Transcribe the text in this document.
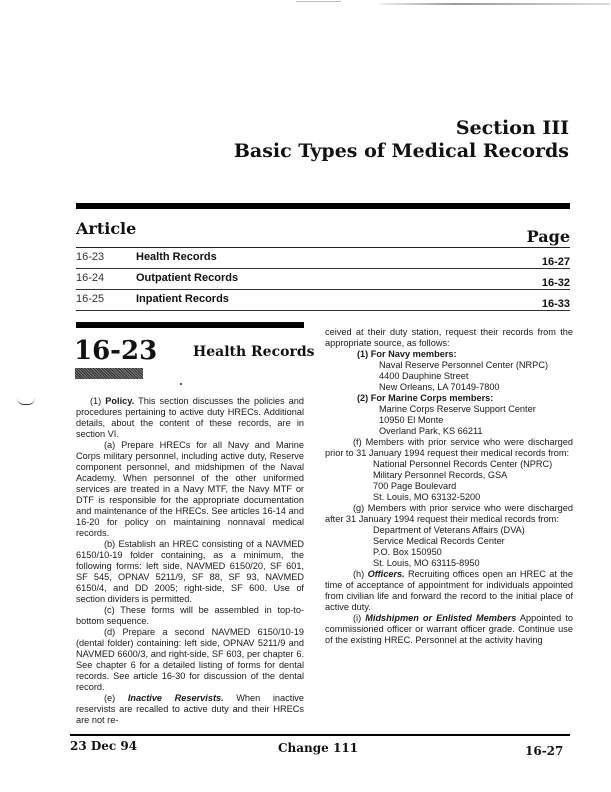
Section III
Basic Types of Medical Records
Article	Page
16-23	Health Records	16-27
16-24	Outpatient Records	16-32
16-25	Inpatient Records	16-33
16-23	Health Records

(1) Policy. This section discusses the policies and procedures pertaining to active duty HRECs. Additional details, about the content of these records, are in section VI.

(a) Prepare HRECs for all Navy and Marine Corps military personnel, including active duty, Reserve component personnel, and midshipmen of the Naval Academy. When personnel of the other uniformed services are treated in a Navy MTF, the Navy MTF or DTF is responsible for the appropriate documentation and maintenance of the HRECs. See articles 16-14 and 16-20 for policy on maintaining nonnaval medical records.

(b) Establish an HREC consisting of a NAVMED 6150/10-19 folder containing, as a minimum, the following forms: left side, NAVMED 6150/20, SF 601, SF 545, OPNAV 5211/9, SF 88, SF 93, NAVMED 6150/4, and DD 2005; right-side, SF 600. Use of section dividers is permitted.

(c) These forms will be assembled in top-to-bottom sequence.

(d) Prepare a second NAVMED 6150/10-19 (dental folder) containing: left side, OPNAV 5211/9 and NAVMED 6600/3, and right-side, SF 603, per chapter 6. See chapter 6 for a detailed listing of forms for dental records. See article 16-30 for discussion of the dental record.

(e) Inactive Reservists. When inactive reservists are recalled to active duty and their HRECs are not re-

ceived at their duty station, request their records from the appropriate source, as follows:

(1) For Navy members:

Naval Reserve Personnel Center (NRPC)

4400 Dauphine Street

New Orleans, LA 70149-7800

(2) For Marine Corps members:

Marine Corps Reserve Support Center

10950 El Monte

Overland Park, KS 66211

(f) Members with prior service who were discharged prior to 31 January 1994 request their medical records from:

National Personnel Records Center (NPRC)

Military Personnel Records, GSA

700 Page Boulevard

St. Louis, MO 63132-5200

(g) Members with prior service who were discharged after 31 January 1994 request their medical records from:

Department of Veterans Affairs (DVA)

Service Medical Records Center

P.O. Box 150950

St. Louis, MO 63115-8950

(h) Officers. Recruiting offices open an HREC at the time of acceptance of appointment for individuals appointed from civilian life and forward the record to the initial place of active duty.

(i) Midshipmen or Enlisted Members Appointed to commissioned officer or warrant officer grade. Continue use of the existing HREC. Personnel at the activity having

23 Dec 94	Change 111	16-27
